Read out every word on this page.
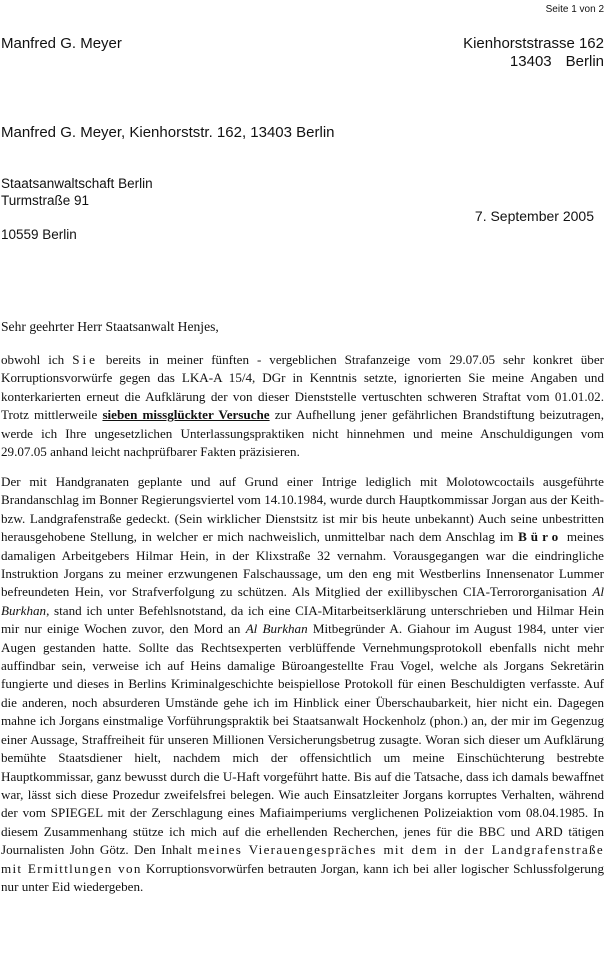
Seite 1 von 2
Manfred G. Meyer	Kienhorststrasse 162
13403 Berlin
Manfred G. Meyer, Kienhorststr. 162, 13403 Berlin
Staatsanwaltschaft Berlin
Turmstraße 91
10559 Berlin
7. September 2005
Sehr geehrter Herr Staatsanwalt Henjes,

obwohl ich Sie bereits in meiner fünften - vergeblichen Strafanzeige vom 29.07.05 sehr konkret über Korruptionsvorwürfe gegen das LKA-A 15/4, DGr in Kenntnis setzte, ignorierten Sie meine Angaben und konterkarierten erneut die Aufklärung der von dieser Dienststelle vertuschten schweren Straftat vom 01.01.02. Trotz mittlerweile sieben missglückter Versuche zur Aufhellung jener gefährlichen Brandstiftung beizutragen, werde ich Ihre ungesetzlichen Unterlassungspraktiken nicht hinnehmen und meine Anschuldigungen vom 29.07.05 anhand leicht nachprüfbarer Fakten präzisieren.

Der mit Handgranaten geplante und auf Grund einer Intrige lediglich mit Molotowcoctails ausgeführte Brandanschlag im Bonner Regierungsviertel vom 14.10.1984, wurde durch Hauptkommissar Jorgan aus der Keith- bzw. Landgrafenstraße gedeckt. (Sein wirklicher Dienstsitz ist mir bis heute unbekannt) Auch seine unbestritten herausgehobene Stellung, in welcher er mich nachweislich, unmittelbar nach dem Anschlag im Büro meines damaligen Arbeitgebers Hilmar Hein, in der Klixstraße 32 vernahm. Vorausgegangen war die eindringliche Instruktion Jorgans zu meiner erzwungenen Falschaussage, um den eng mit Westberlins Innensenator Lummer befreundeten Hein, vor Strafverfolgung zu schützen. Als Mitglied der exillibyschen CIA-Terrororganisation Al Burkhan, stand ich unter Befehlsnotstand, da ich eine CIA-Mitarbeitserklärung unterschrieben und Hilmar Hein mir nur einige Wochen zuvor, den Mord an Al Burkhan Mitbegründer A. Giahour im August 1984, unter vier Augen gestanden hatte. Sollte das Rechtsexperten verblüffende Vernehmungsprotokoll ebenfalls nicht mehr auffindbar sein, verweise ich auf Heins damalige Büroangestellte Frau Vogel, welche als Jorgans Sekretärin fungierte und dieses in Berlins Kriminalgeschichte beispiellose Protokoll für einen Beschuldigten verfasste. Auf die anderen, noch absurderen Umstände gehe ich im Hinblick einer Überschaubarkeit, hier nicht ein. Dagegen mahne ich Jorgans einstmalige Vorführungspraktik bei Staatsanwalt Hockenholz (phon.) an, der mir im Gegenzug einer Aussage, Straffreiheit für unseren Millionen Versicherungsbetrug zusagte. Woran sich dieser um Aufklärung bemühte Staatsdiener hielt, nachdem mich der offensichtlich um meine Einschüchterung bestrebte Hauptkommissar, ganz bewusst durch die U-Haft vorgeführt hatte. Bis auf die Tatsache, dass ich damals bewaffnet war, lässt sich diese Prozedur zweifelsfrei belegen. Wie auch Einsatzleiter Jorgans korruptes Verhalten, während der vom SPIEGEL mit der Zerschlagung eines Mafiaimperiums verglichenen Polizeiaktion vom 08.04.1985. In diesem Zusammenhang stütze ich mich auf die erhellenden Recherchen, jenes für die BBC und ARD tätigen Journalisten John Götz. Den Inhalt meines Vierauengespräches mit dem in der Landgrafenstraße mit Ermittlungen von Korruptionsvorwürfen betrauten Jorgan, kann ich bei aller logischer Schlussfolgerung nur unter Eid wiedergeben.
